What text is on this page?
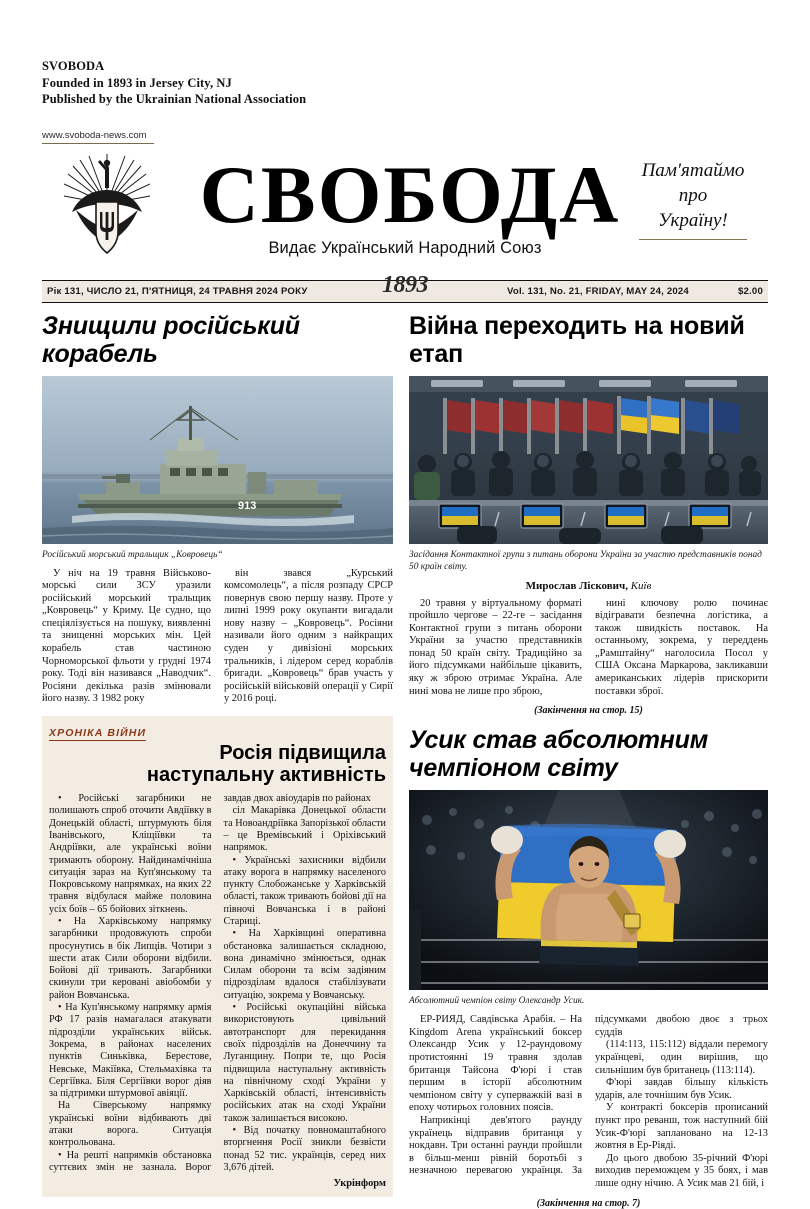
SVOBODA
Founded in 1893 in Jersey City, NJ
Published by the Ukrainian National Association
www.svoboda-news.com
СВОБОДА
Видає Український Народний Союз
Пам'ятаймо
про
Україну!
Рік 131, ЧИСЛО 21, П'ЯТНИЦЯ, 24 ТРАВНЯ 2024 РОКУ	1893	Vol. 131, No. 21, FRIDAY, MAY 24, 2024	$2.00
Знищили російський корабель
913
Російський морський тральщик „Ковровець“

У ніч на 19 травня Військово-морські сили ЗСУ уразили російський морський тральщик „Ковровець“ у Криму. Це судно, що спеціялізується на пошуку, виявленні та знищенні морських мін. Цей корабель став частиною Чорноморської фльоти у грудні 1974 року. Тоді він називався „Наводчик“. Росіяни декілька разів змінювали його назву. З 1982 року

він звався „Курський комсомолець“, а після розпаду СРСР повернув свою першу назву. Проте у липні 1999 року окупанти вигадали нову назву – „Ковровець“. Росіяни називали його одним з найкращих суден у дивізіоні морських тральників, і лідером серед кораблів бригади. „Ковровець“ брав участь у російській військовій операції у Сирії у 2016 році.

ХРОНІКА ВІЙНИ
Росія підвищила
наступальну активність

• Російські загарбники не полишають спроб оточити Авдіївку в Донецькій області, штурмують біля Іванівського, Кліщіївки та Андріївки, але українські воїни тримають оборону. Найдинамічніша ситуація зараз на Куп'янському та Покровському напрямках, на яких 22 травня відбулася майже половина усіх боїв – 65 бойових зіткнень.

• На Харківському напрямку загарбники продовжують спроби просунутись в бік Липців. Чотири з шести атак Сили оборони відбили. Бойові дії тривають. Загарбники скинули три керовані авіобомби у район Вовчанська.

• На Куп'янському напрямку армія РФ 17 разів намагалася атакувати підрозділи українських військ. Зокрема, в районах населених пунктів Синьківка, Берестове, Невське, Макіївка, Стельмахівка та Сергіївка. Біля Сергіївки ворог діяв за підтримки штурмової авіяції.

На Сіверському напрямку українські воїни відбивають дві атаки ворога. Ситуація контрольована.

• На решті напрямків обстановка суттєвих змін не зазнала. Ворог завдав двох авіоударів по районах

сіл Макарівка Донецької области та Новоандріївка Запорізької области – це Времівський і Оріхівський напрямок.

• Українські захисники відбили атаку ворога в напрямку населеного пункту Слобожанське у Харківській області, також тривають бойові дії на півночі Вовчанська і в районі Стариці.

• На Харківщині оперативна обстановка залишається складною, вона динамічно змінюється, однак Силам оборони та всім задіяним підрозділам вдалося стабілізувати ситуацію, зокрема у Вовчанську.

• Російські окупаційні війська використовують цивільний автотранспорт для перекидання своїх підрозділів на Донеччину та Луганщину. Попри те, що Росія підвищила наступальну активність на північному сході України у Харківській області, інтенсивність російських атак на сході України також залишається високою.

• Від початку повномаштабного вторгнення Росії зникли безвісти понад 52 тис. українців, серед них 3,676 дітей.

Укрінформ
Війна переходить на новий етап
Засідання Контактної групи з питань оборони України за участю представників понад 50 країн світу.
Мирослав Ліскович, Київ

20 травня у віртуальному форматі пройшло чергове – 22-ге – засідання Контактної групи з питань оборони України за участю представників понад 50 країн світу. Традиційно за його підсумками найбільше цікавить, яку ж зброю отримає Україна. Але нині мова не лише про зброю,

нині ключову ролю починає відігравати безпечна логістика, а також швидкість поставок. На останньому, зокрема, у переддень „Рамштайну“ наголосила Посол у США Оксана Маркарова, закликавши американських лідерів прискорити поставки зброї.

(Закінчення на стор. 15)
Усик став абсолютним чемпіоном світу
Абсолютний чемпіон світу Олександр Усик.

ЕР-РИЯД, Савдівська Арабія. – На Kingdom Arena український боксер Олександр Усик у 12-раундовому протистоянні 19 травня здолав британця Тайсона Ф'юрі і став першим в історії абсолютним чемпіоном світу у суперважкій вазі в епоху чотирьох головних поясів.

Наприкінці дев'ятого раунду українець відправив британця у нокдавн. Три останні раунди пройшли в більш-менш рівній боротьбі з незначною перевагою українця. За підсумками двобою двоє з трьох суддів

(114:113, 115:112) віддали перемогу українцеві, один вирішив, що сильнішим був британець (113:114).

Ф'юрі завдав більшу кількість ударів, але точнішим був Усик.

У контракті боксерів прописаний пункт про реванш, тож наступний бій Усик-Ф'юрі заплановано на 12-13 жовтня в Ер-Ріяді.

До цього двобою 35-річний Ф'юрі виходив переможцем у 35 боях, і мав лише одну нічию. А Усик мав 21 бій, і

(Закінчення на стор. 7)
